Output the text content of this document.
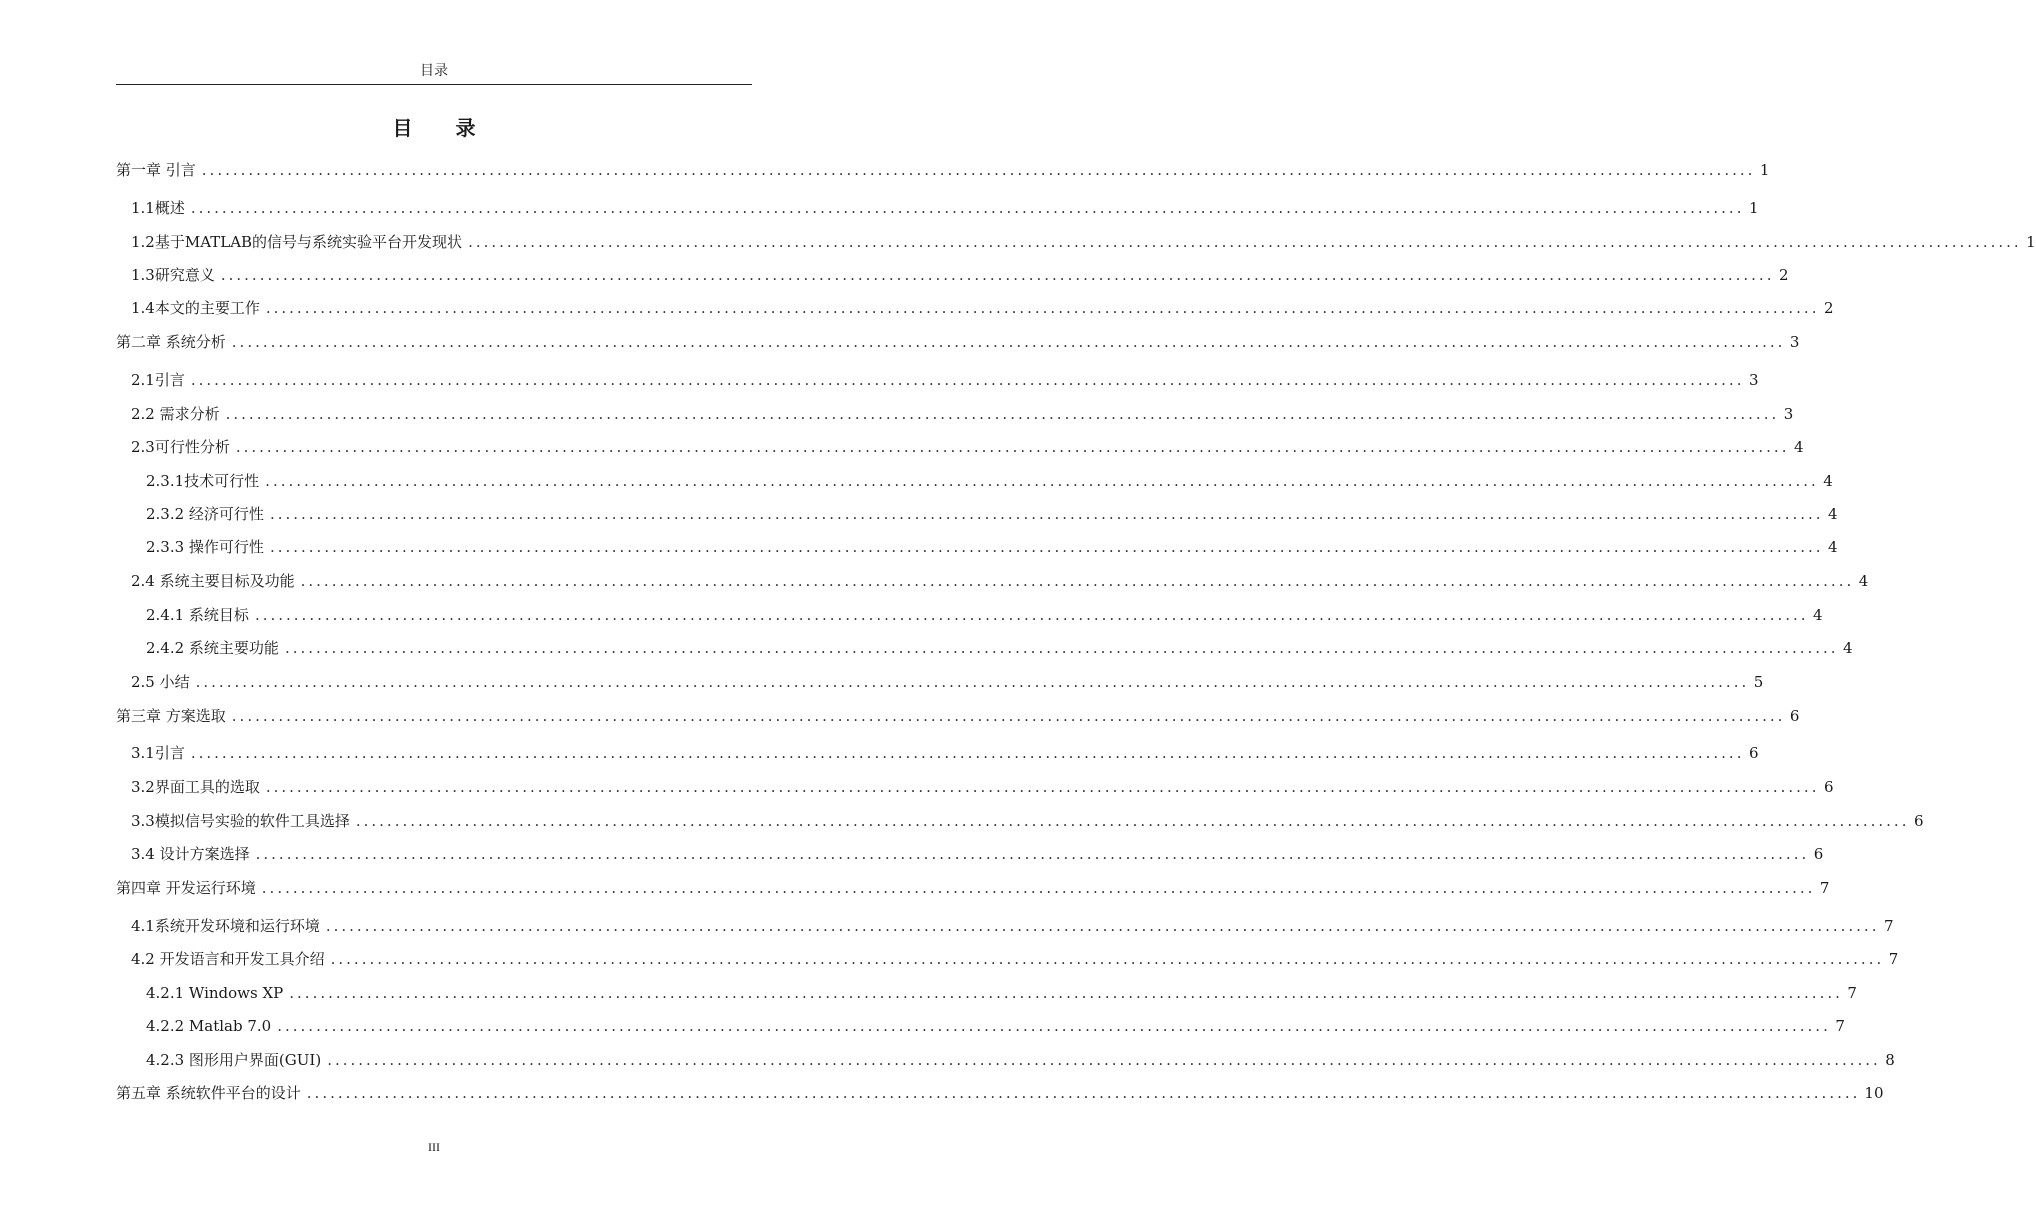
目录
目 录
第一章 引言 ........................................................................................................................................................................................................ 1
1.1概述 ........................................................................................................................................................................................................ 1
1.2基于MATLAB的信号与系统实验平台开发现状 ........................................................................................................................................................................................................ 1
1.3研究意义 ........................................................................................................................................................................................................ 2
1.4本文的主要工作 ........................................................................................................................................................................................................ 2
第二章 系统分析 ........................................................................................................................................................................................................ 3
2.1引言 ........................................................................................................................................................................................................ 3
2.2 需求分析 ........................................................................................................................................................................................................ 3
2.3可行性分析 ........................................................................................................................................................................................................ 4
2.3.1技术可行性 ........................................................................................................................................................................................................ 4
2.3.2 经济可行性 ........................................................................................................................................................................................................ 4
2.3.3 操作可行性 ........................................................................................................................................................................................................ 4
2.4 系统主要目标及功能 ........................................................................................................................................................................................................ 4
2.4.1 系统目标 ........................................................................................................................................................................................................ 4
2.4.2 系统主要功能 ........................................................................................................................................................................................................ 4
2.5 小结 ........................................................................................................................................................................................................ 5
第三章 方案选取 ........................................................................................................................................................................................................ 6
3.1引言 ........................................................................................................................................................................................................ 6
3.2界面工具的选取 ........................................................................................................................................................................................................ 6
3.3模拟信号实验的软件工具选择 ........................................................................................................................................................................................................ 6
3.4 设计方案选择 ........................................................................................................................................................................................................ 6
第四章 开发运行环境 ........................................................................................................................................................................................................ 7
4.1系统开发环境和运行环境 ........................................................................................................................................................................................................ 7
4.2 开发语言和开发工具介绍 ........................................................................................................................................................................................................ 7
4.2.1 Windows XP ........................................................................................................................................................................................................ 7
4.2.2 Matlab 7.0 ........................................................................................................................................................................................................ 7
4.2.3 图形用户界面(GUI) ........................................................................................................................................................................................................ 8
第五章 系统软件平台的设计 ........................................................................................................................................................................................................ 10
III
